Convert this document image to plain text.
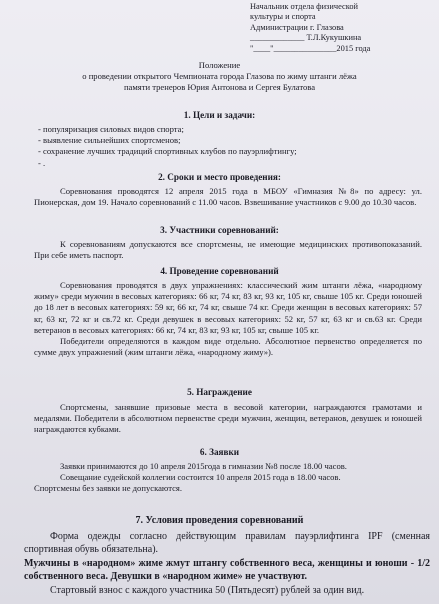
Начальник отдела физической
культуры и спорта
Администрации г. Глазова
_____________ Т.Л.Кукушкина
"____"_______________2015 года
Положение
о проведении открытого Чемпионата города Глазова по жиму штанги лёжа
памяти тренеров Юрия Антонова и Сергея Булатова
1. Цели и задачи:
- популяризация силовых видов спорта;
- выявление сильнейших спортсменов;
- сохранение лучших традиций спортивных клубов по пауэрлифтингу;
- .
2. Сроки и место проведения:

Соревнования проводятся 12 апреля 2015 года в МБОУ «Гимназия №8» по адресу: ул. Пионерская, дом 19. Начало соревнований с 11.00 часов. Взвешивание участников с 9.00 до 10.30 часов.

3. Участники соревнований:

К соревнованиям допускаются все спортсмены, не имеющие медицинских противопоказаний. При себе иметь паспорт.

4. Проведение соревнований

Соревнования проводятся в двух упражнениях: классический жим штанги лёжа, «народному жиму» среди мужчин в весовых категориях: 66 кг, 74 кг, 83 кг, 93 кг, 105 кг, свыше 105 кг. Среди юношей до 18 лет в весовых категориях: 59 кг, 66 кг, 74 кг, свыше 74 кг. Среди женщин в весовых категориях: 57 кг, 63 кг, 72 кг и св.72 кг. Среди девушек в весовых категориях: 52 кг, 57 кг, 63 кг и св.63 кг. Среди ветеранов в весовых категориях: 66 кг, 74 кг, 83 кг, 93 кг, 105 кг, свыше 105 кг.

Победители определяются в каждом виде отдельно. Абсолютное первенство определяется по сумме двух упражнений (жим штанги лёжа, «народному жиму»).

5. Награждение

Спортсмены, занявшие призовые места в весовой категории, награждаются грамотами и медалями. Победители в абсолютном первенстве среди мужчин, женщин, ветеранов, девушек и юношей награждаются кубками.

6. Заявки

Заявки принимаются до 10 апреля 2015года в гимназии №8 после 18.00 часов.

Совещание судейской коллегии состоится 10 апреля 2015 года в 18.00 часов.

Спортсмены без заявки не допускаются.

7. Условия проведения соревнований

Форма одежды согласно действующим правилам пауэрлифтинга IPF (сменная спортивная обувь обязательна).

Мужчины в «народном» жиме жмут штангу собственного веса, женщины и юноши - 1/2 собственного веса. Девушки в «народном жиме» не участвуют.

Стартовый взнос с каждого участника 50 (Пятьдесят) рублей за один вид.
